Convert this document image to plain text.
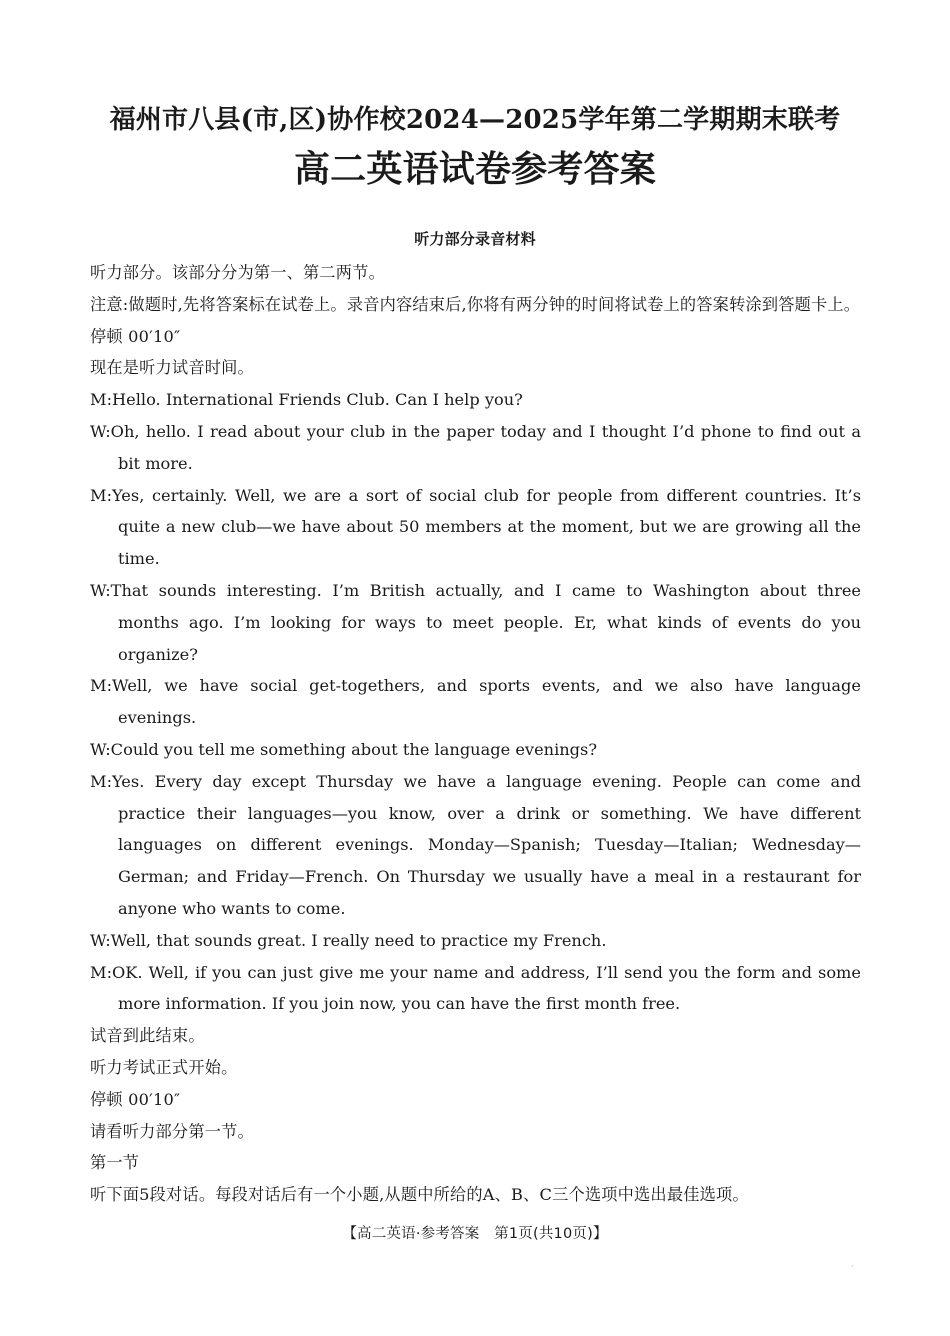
福州市八县(市,区)协作校2024—2025学年第二学期期末联考
高二英语试卷参考答案
听力部分录音材料

听力部分。该部分分为第一、第二两节。

注意:做题时,先将答案标在试卷上。录音内容结束后,你将有两分钟的时间将试卷上的答案转涂到答题卡上。

停顿 00′10″

现在是听力试音时间。

M:Hello. International Friends Club. Can I help you?

W:Oh, hello. I read about your club in the paper today and I thought I’d phone to find out a bit more.

M:Yes, certainly. Well, we are a sort of social club for people from different countries. It’s quite a new club—we have about 50 members at the moment, but we are growing all the time.

W:That sounds interesting. I’m British actually, and I came to Washington about three months ago. I’m looking for ways to meet people. Er, what kinds of events do you organize?

M:Well, we have social get-togethers, and sports events, and we also have language evenings.

W:Could you tell me something about the language evenings?

M:Yes. Every day except Thursday we have a language evening. People can come and practice their languages—you know, over a drink or something. We have different languages on different evenings. Monday—Spanish; Tuesday—Italian; Wednesday—German; and Friday—French. On Thursday we usually have a meal in a restaurant for anyone who wants to come.

W:Well, that sounds great. I really need to practice my French.

M:OK. Well, if you can just give me your name and address, I’ll send you the form and some more information. If you join now, you can have the first month free.

试音到此结束。

听力考试正式开始。

停顿 00′10″

请看听力部分第一节。

第一节

听下面5段对话。每段对话后有一个小题,从题中所给的A、B、C三个选项中选出最佳选项。

【高二英语·参考答案　第1页(共10页)】
·
